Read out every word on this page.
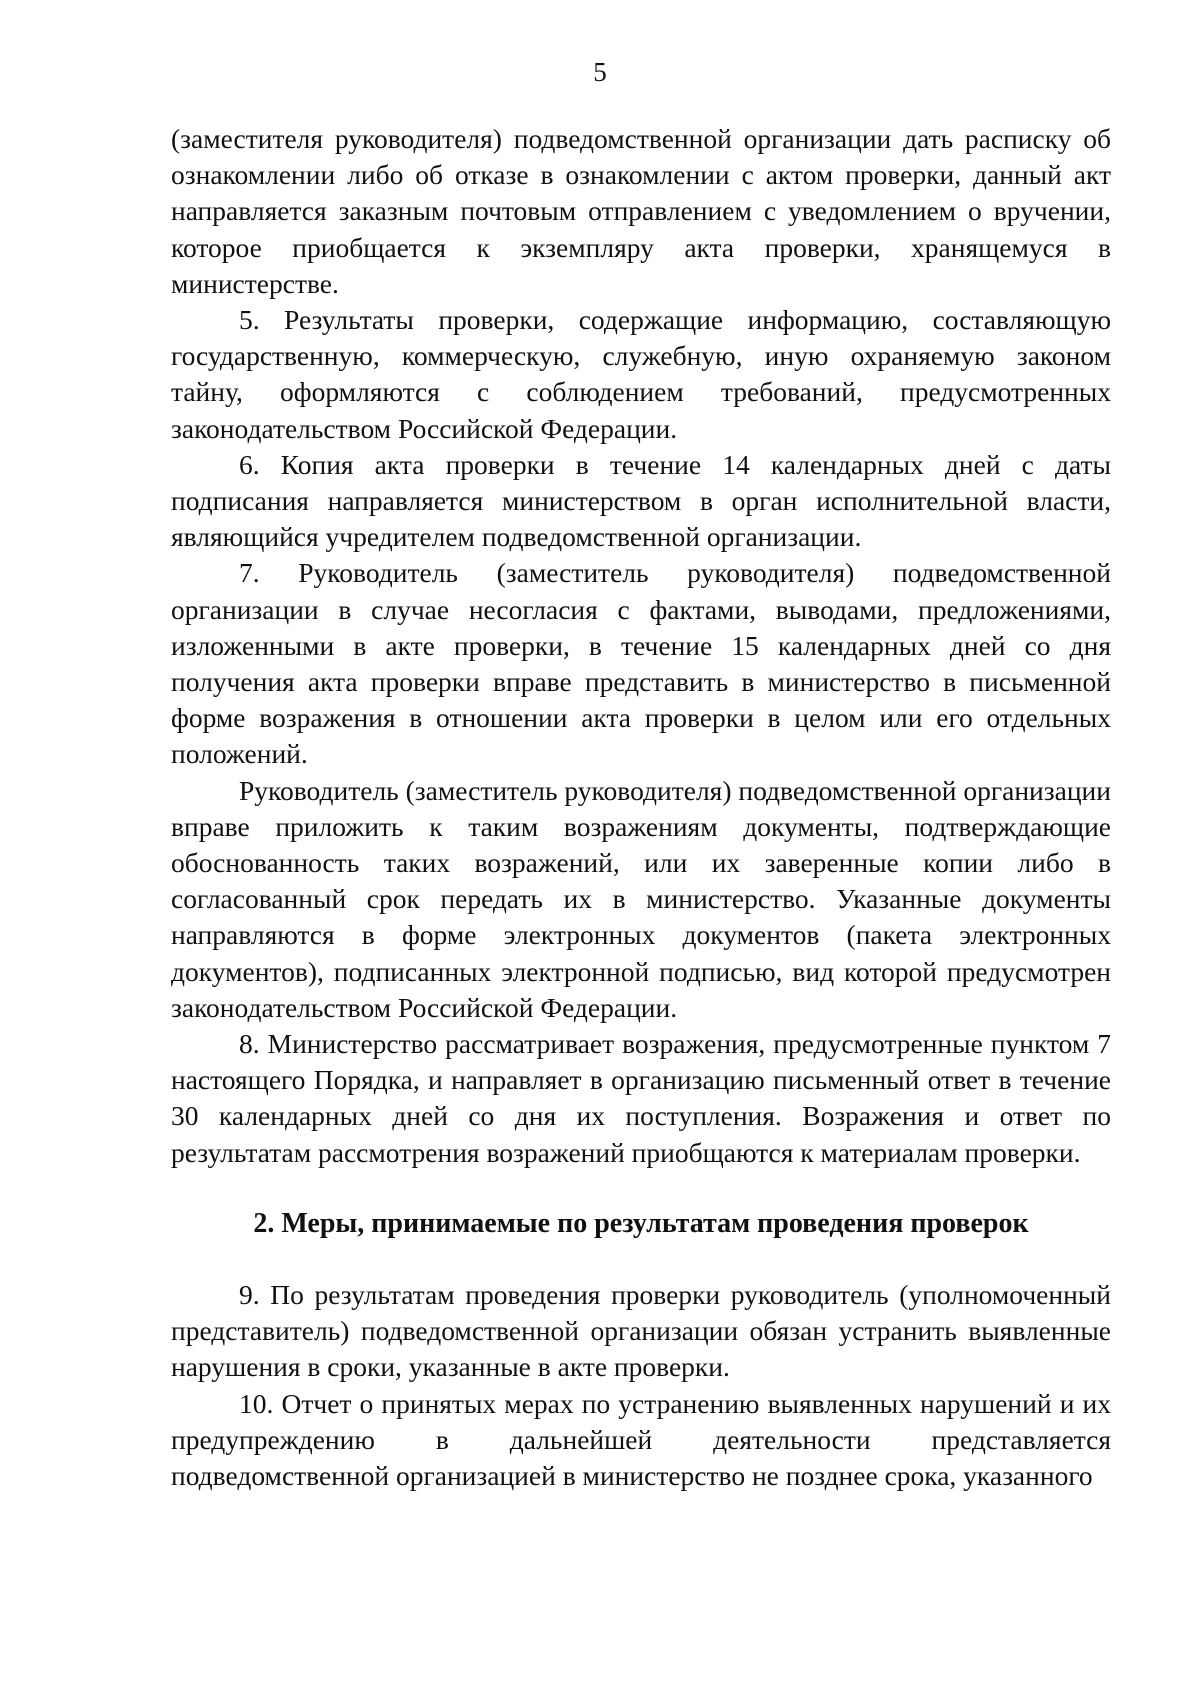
5

(заместителя руководителя) подведомственной организации дать расписку об ознакомлении либо об отказе в ознакомлении с актом проверки, данный акт направляется заказным почтовым отправлением с уведомлением о вручении, которое приобщается к экземпляру акта проверки, хранящемуся в министерстве.

5. Результаты проверки, содержащие информацию, составляющую государственную, коммерческую, служебную, иную охраняемую законом тайну, оформляются с соблюдением требований, предусмотренных законодательством Российской Федерации.

6. Копия акта проверки в течение 14 календарных дней с даты подписания направляется министерством в орган исполнительной власти, являющийся учредителем подведомственной организации.

7. Руководитель (заместитель руководителя) подведомственной организации в случае несогласия с фактами, выводами, предложениями, изложенными в акте проверки, в течение 15 календарных дней со дня получения акта проверки вправе представить в министерство в письменной форме возражения в отношении акта проверки в целом или его отдельных положений.

Руководитель (заместитель руководителя) подведомственной организации вправе приложить к таким возражениям документы, подтверждающие обоснованность таких возражений, или их заверенные копии либо в согласованный срок передать их в министерство. Указанные документы направляются в форме электронных документов (пакета электронных документов), подписанных электронной подписью, вид которой предусмотрен законодательством Российской Федерации.

8. Министерство рассматривает возражения, предусмотренные пунктом 7 настоящего Порядка, и направляет в организацию письменный ответ в течение 30 календарных дней со дня их поступления. Возражения и ответ по результатам рассмотрения возражений приобщаются к материалам проверки.

2. Меры, принимаемые по результатам проведения проверок

9. По результатам проведения проверки руководитель (уполномоченный представитель) подведомственной организации обязан устранить выявленные нарушения в сроки, указанные в акте проверки.

10. Отчет о принятых мерах по устранению выявленных нарушений и их предупреждению в дальнейшей деятельности представляется подведомственной организацией в министерство не позднее срока, указанного
